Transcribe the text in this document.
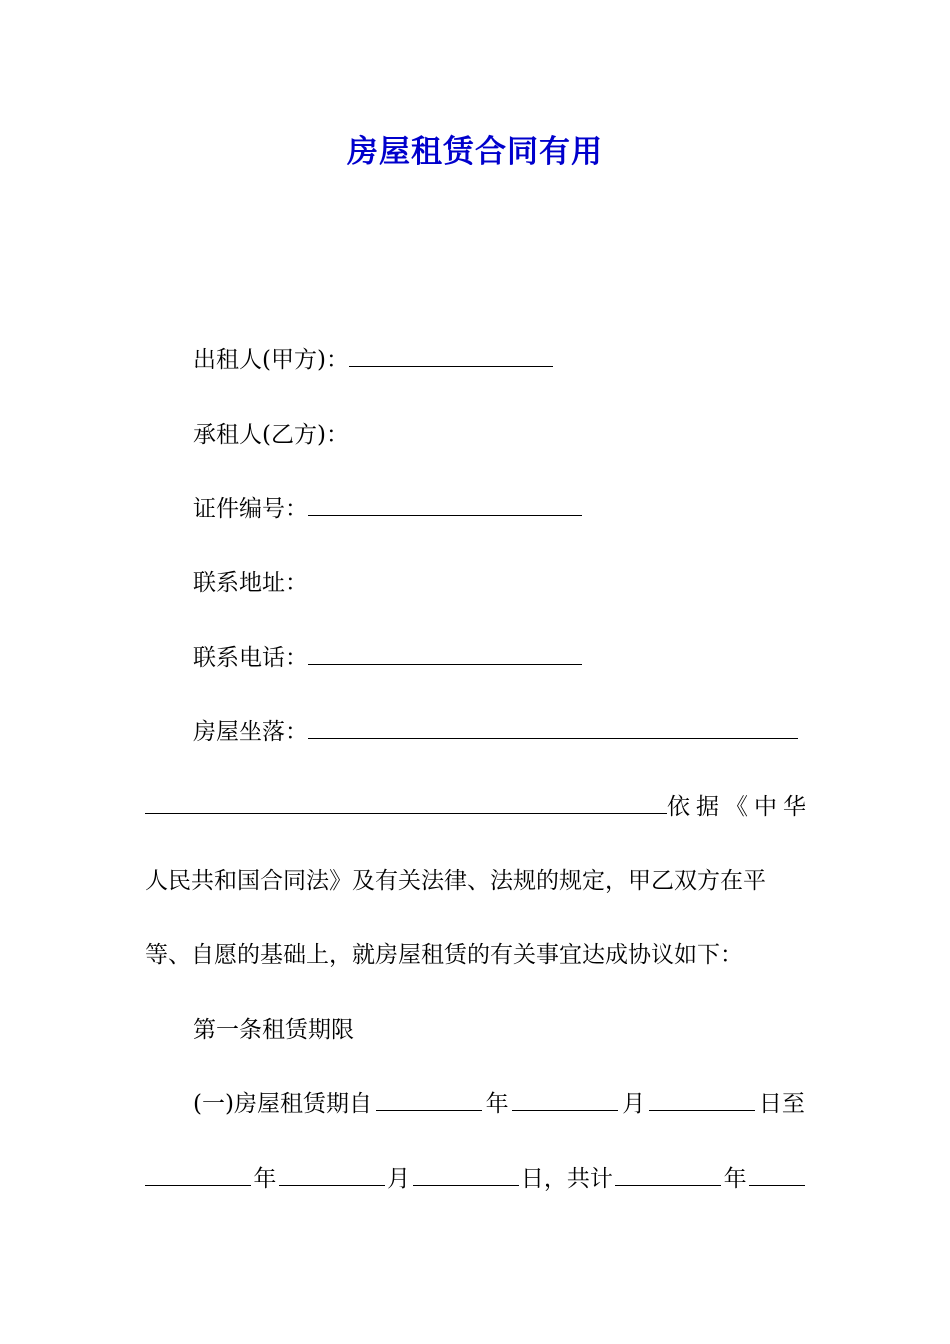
房屋租赁合同有用
出租人(甲方)：
承租人(乙方)：
证件编号：
联系地址：
联系电话：
房屋坐落：
依据《中华
人民共和国合同法》及有关法律、法规的规定，甲乙双方在平
等、自愿的基础上，就房屋租赁的有关事宜达成协议如下：
第一条租赁期限
(一)房屋租赁期自	年	月	日至
年	月	日，共计	年
